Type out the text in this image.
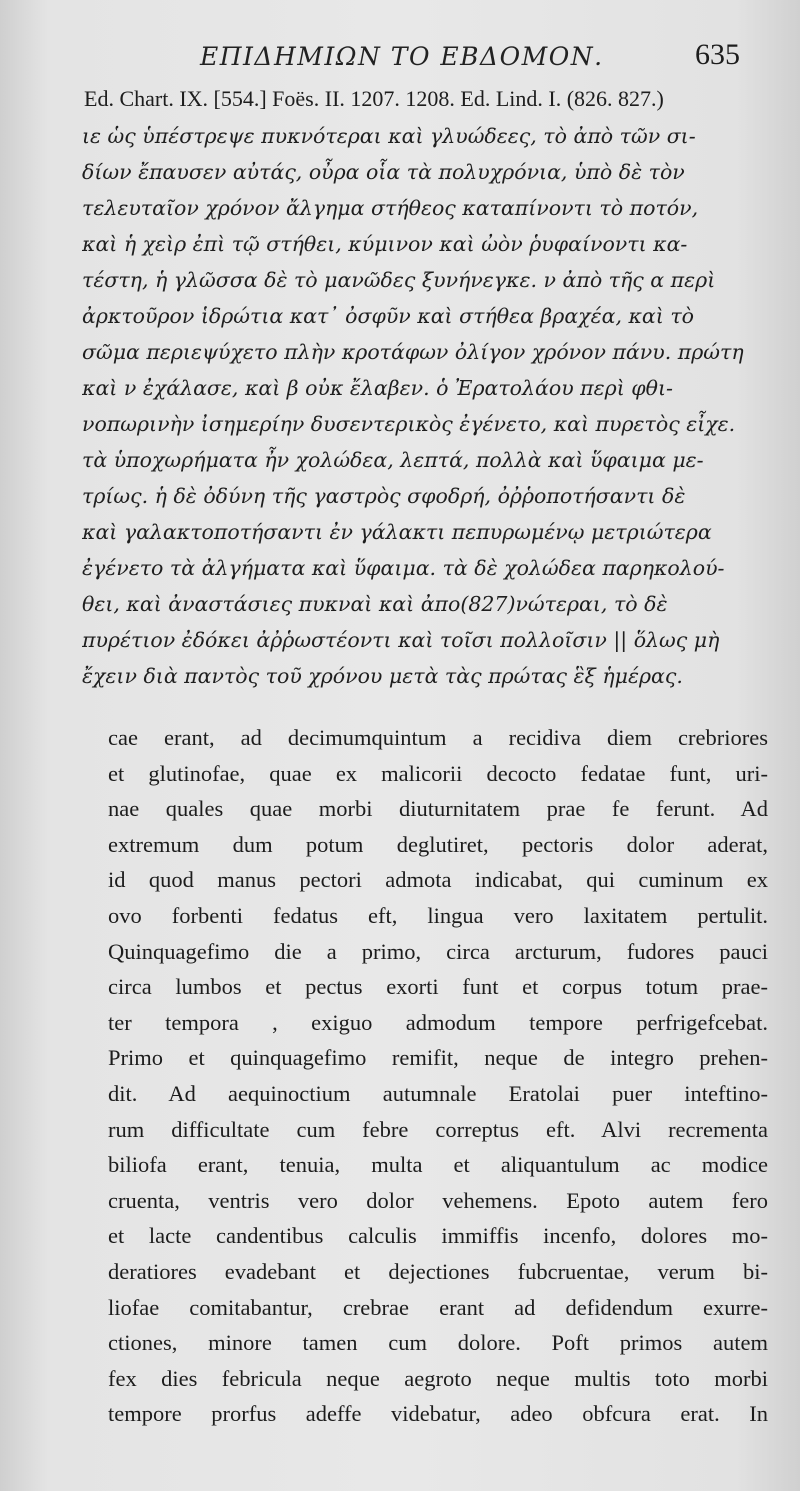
ΕΠΙΔΗΜΙΩΝ ΤΟ ΕΒΔΟΜΟΝ.	635
Ed. Chart. IX. [554.] Foës. II. 1207. 1208. Ed. Lind. I. (826. 827.)
ιε ὡς ὑπέστρεψε πυκνότεραι καὶ γλυώδεες, τὸ ἀπὸ τῶν σι-
δίων ἔπαυσεν αὐτάς, οὖρα οἷα τὰ πολυχρόνια, ὑπὸ δὲ τὸν
τελευταῖον χρόνον ἄλγημα στήθεος καταπίνοντι τὸ ποτόν,
καὶ ἡ χεὶρ ἐπὶ τῷ στήθει, κύμινον καὶ ὠὸν ῥυφαίνοντι κα-
τέστη, ἡ γλῶσσα δὲ τὸ μανῶδες ξυνήνεγκε. ν ἀπὸ τῆς α περὶ
ἀρκτοῦρον ἱδρώτια κατ᾽ ὀσφῦν καὶ στήθεα βραχέα, καὶ τὸ
σῶμα περιεψύχετο πλὴν κροτάφων ὀλίγον χρόνον πάνυ. πρώτη
καὶ ν ἐχάλασε, καὶ β οὐκ ἔλαβεν. ὁ Ἐρατολάου περὶ φθι-
νοπωρινὴν ἰσημερίην δυσεντερικὸς ἐγένετο, καὶ πυρετὸς εἶχε.
τὰ ὑποχωρήματα ἦν χολώδεα, λεπτά, πολλὰ καὶ ὕφαιμα με-
τρίως. ἡ δὲ ὀδύνη τῆς γαστρὸς σφοδρή, ὀῤῥοποτήσαντι δὲ
καὶ γαλακτοποτήσαντι ἐν γάλακτι πεπυρωμένῳ μετριώτερα
ἐγένετο τὰ ἀλγήματα καὶ ὕφαιμα. τὰ δὲ χολώδεα παρηκολού-
θει, καὶ ἀναστάσιες πυκναὶ καὶ ἀπο(827)νώτεραι, τὸ δὲ
πυρέτιον ἐδόκει ἀῤῥωστέοντι καὶ τοῖσι πολλοῖσιν || ὅλως μὴ
ἔχειν διὰ παντὸς τοῦ χρόνου μετὰ τὰς πρώτας ἓξ ἡμέρας.
cae erant, ad decimumquintum a recidiva diem crebriores
et glutinofae, quae ex malicorii decocto fedatae funt, uri-
nae quales quae morbi diuturnitatem prae fe ferunt. Ad
extremum dum potum deglutiret, pectoris dolor aderat,
id quod manus pectori admota indicabat, qui cuminum ex
ovo forbenti fedatus eft, lingua vero laxitatem pertulit.
Quinquagefimo die a primo, circa arcturum, fudores pauci
circa lumbos et pectus exorti funt et corpus totum prae-
ter tempora , exiguo admodum tempore perfrigefcebat.
Primo et quinquagefimo remifit, neque de integro prehen-
dit. Ad aequinoctium autumnale Eratolai puer inteftino-
rum difficultate cum febre correptus eft. Alvi recrementa
biliofa erant, tenuia, multa et aliquantulum ac modice
cruenta, ventris vero dolor vehemens. Epoto autem fero
et lacte candentibus calculis immiffis incenfo, dolores mo-
deratiores evadebant et dejectiones fubcruentae, verum bi-
liofae comitabantur, crebrae erant ad defidendum exurre-
ctiones, minore tamen cum dolore. Poft primos autem
fex dies febricula neque aegroto neque multis toto morbi
tempore prorfus adeffe videbatur, adeo obfcura erat. In
